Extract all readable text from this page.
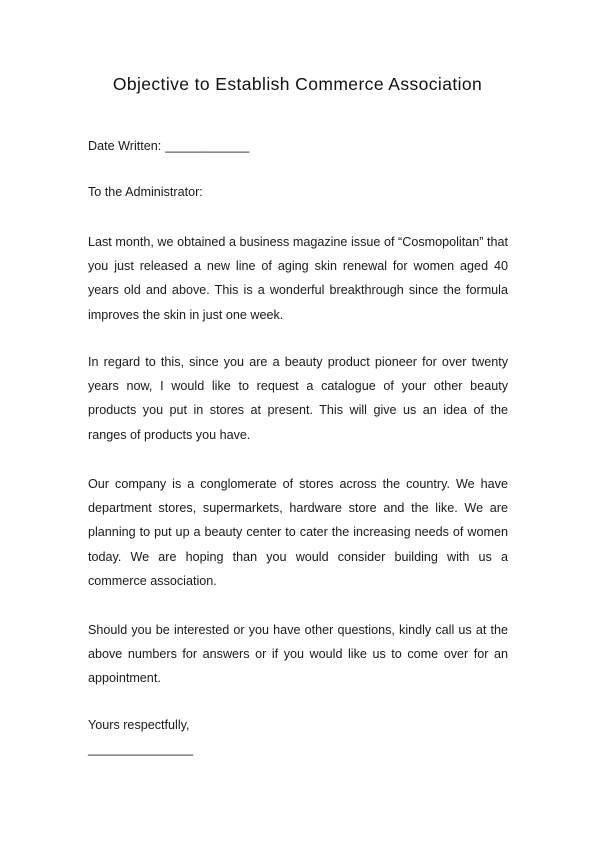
Objective to Establish Commerce Association
Date Written: ____________

To the Administrator:

Last month, we obtained a business magazine issue of “Cosmopolitan” that you just released a new line of aging skin renewal for women aged 40 years old and above. This is a wonderful breakthrough since the formula improves the skin in just one week.

In regard to this, since you are a beauty product pioneer for over twenty years now, I would like to request a catalogue of your other beauty products you put in stores at present. This will give us an idea of the ranges of products you have.

Our company is a conglomerate of stores across the country. We have department stores, supermarkets, hardware store and the like. We are planning to put up a beauty center to cater the increasing needs of women today. We are hoping than you would consider building with us a commerce association.

Should you be interested or you have other questions, kindly call us at the above numbers for answers or if you would like us to come over for an appointment.

Yours respectfully,

_______________
